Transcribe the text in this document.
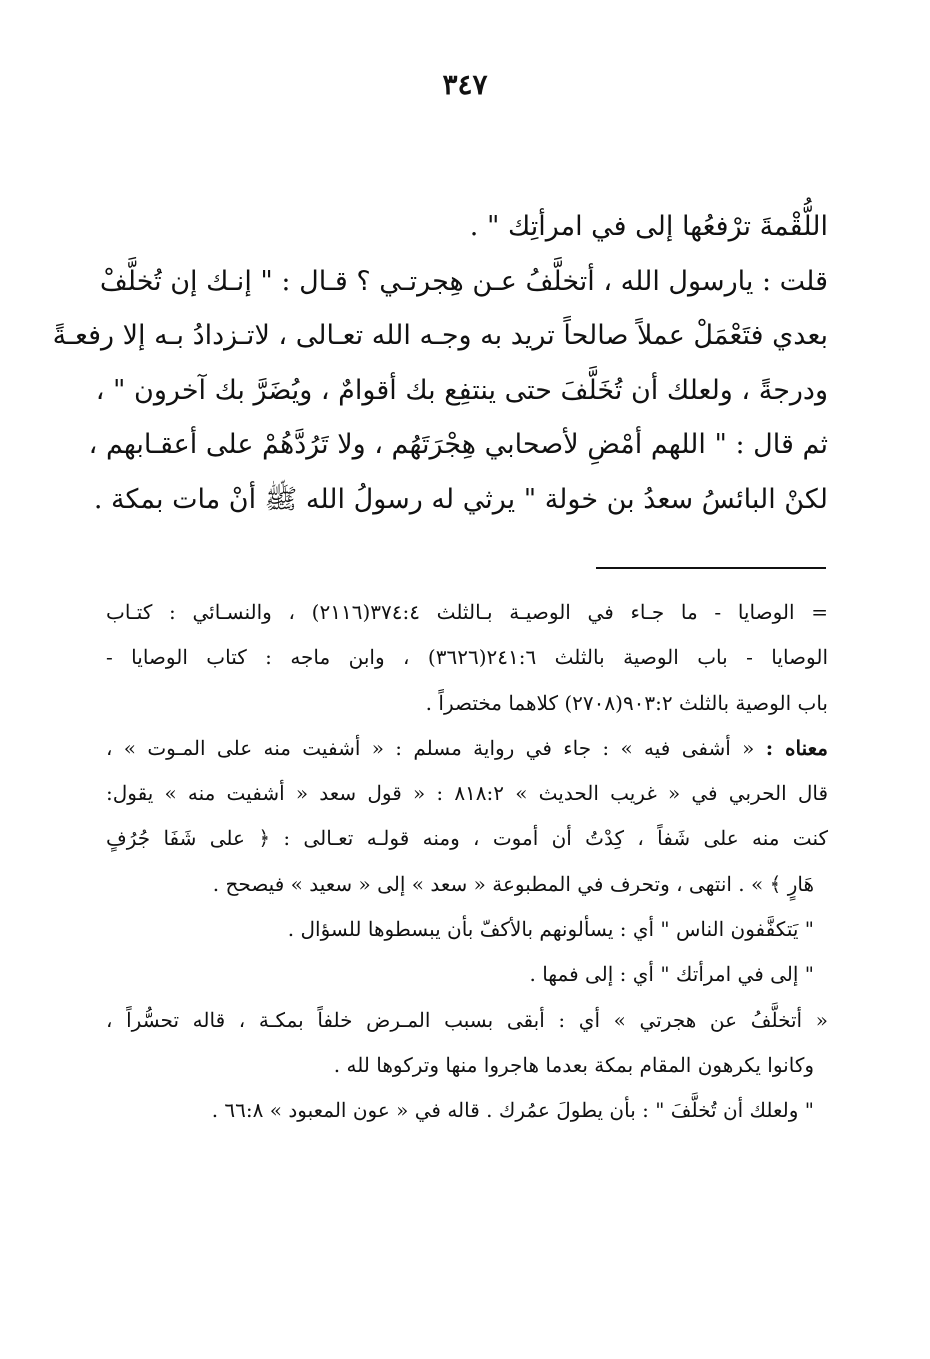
٣٤٧
اللُّقْمةَ ترْفعُها إلى في امرأتِك " .
قلت : يارسول الله ، أتخلَّفُ عـن هِجرتـي ؟ قـال : " إنـك إن تُخلَّفْ
بعدي فتَعْمَلْ عملاً صالحاً تريد به وجـه الله تعـالى ، لاتـزدادُ بـه إلا رفعـةً
ودرجةً ، ولعلك أن تُخَلَّفَ حتى ينتفِع بك أقوامٌ ، ويُضَرَّ بك آخرون " ،
ثم قال : " اللهم أمْضِ لأصحابي هِجْرَتَهُم ، ولا تَرُدَّهُمْ على أعقـابهم ،
لكنْ البائسُ سعدُ بن خولة " يرثي له رسولُ الله ﷺ أنْ مات بمكة .
= الوصايا - ما جـاء في الوصيـة بـالثلث ٣٧٤:٤(٢١١٦) ، والنسـائي : كتـاب
الوصايا - باب الوصية بالثلث ٢٤١:٦(٣٦٢٦) ، وابن ماجه : كتاب الوصايا -
باب الوصية بالثلث ٩٠٣:٢(٢٧٠٨) كلاهما مختصراً .
معناه : « أشفى فيه » : جاء في رواية مسلم : « أشفيت منه على المـوت » ،
قال الحربي في « غريب الحديث » ٨١٨:٢ : « قول سعد « أشفيت منه » يقول:
كنت منه على شَفاً ، كِدْتُ أن أموت ، ومنه قولـه تعـالى : ﴿ على شَفَا جُرُفٍ
هَارٍ ﴾ » . انتهى ، وتحرف في المطبوعة « سعد » إلى « سعيد » فيصحح .
" يَتكفَّفون الناس " أي : يسألونهم بالأكفّ بأن يبسطوها للسؤال .
" إلى في امرأتك " أي : إلى فمها .
« أتخلَّفُ عن هجرتي » أي : أبقى بسبب المـرض خلفاً بمكـة ، قاله تحسُّراً ،
وكانوا يكرهون المقام بمكة بعدما هاجروا منها وتركوها لله .
" ولعلك أن تُخلَّفَ " : بأن يطولَ عمُرك . قاله في « عون المعبود » ٦٦:٨ .
